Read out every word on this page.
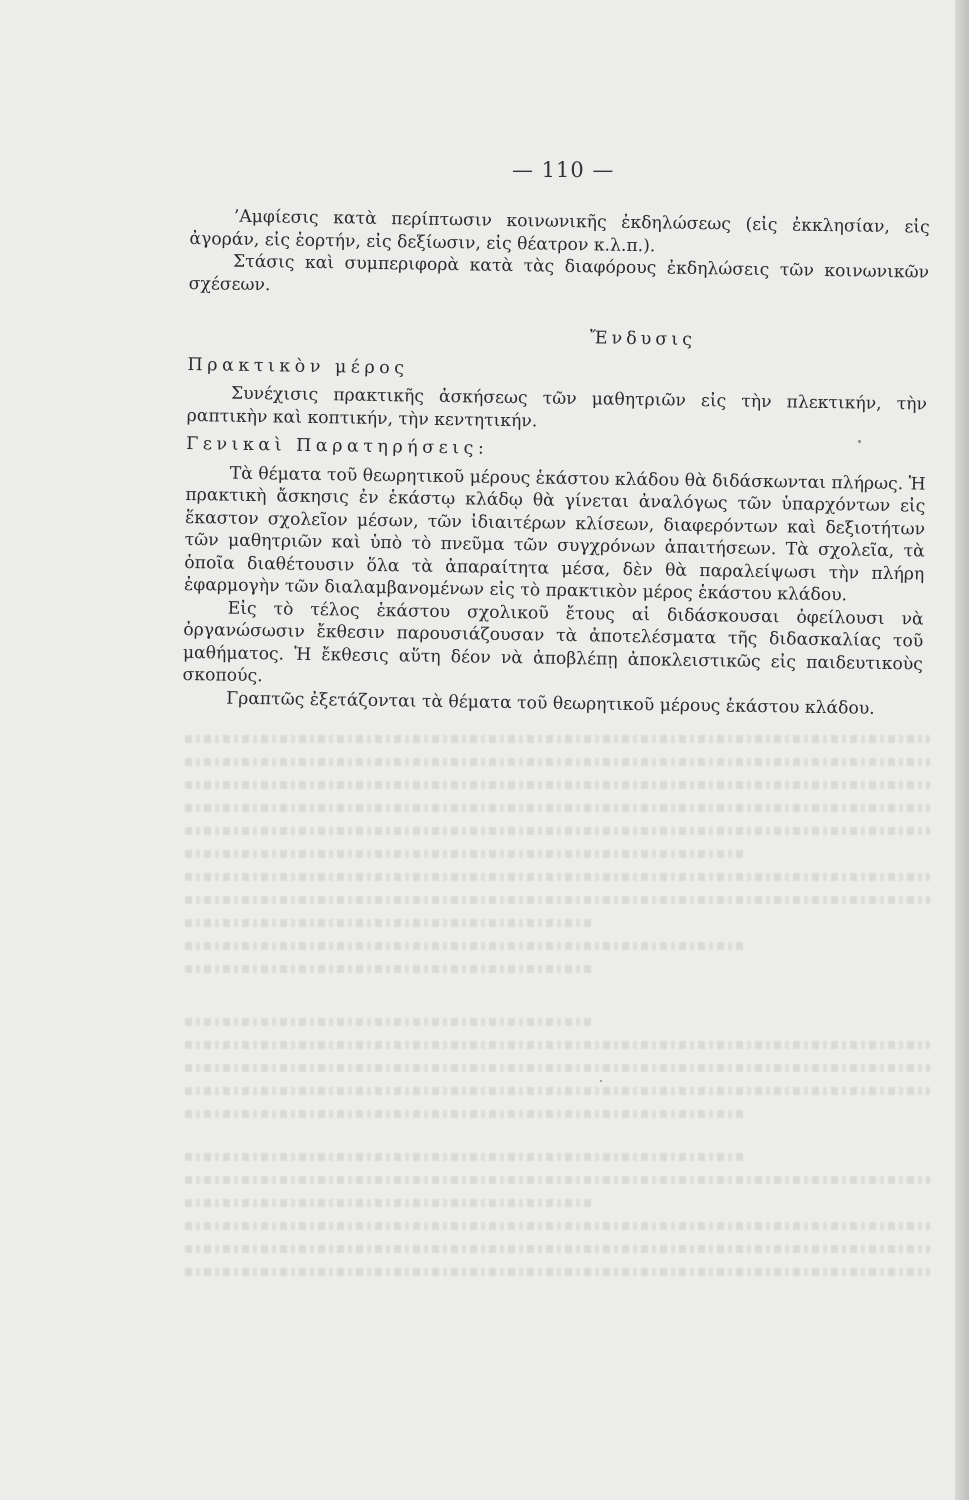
— 110 —

’Αμφίεσις κατὰ περίπτωσιν κοινωνικῆς ἐκδηλώσεως (εἰς ἐκκλησίαν, εἰς ἀγοράν, εἰς ἑορτήν, εἰς δεξίωσιν, εἰς θέατρον κ.λ.π.).

Στάσις καὶ συμπεριφορὰ κατὰ τὰς διαφόρους ἐκδηλώσεις τῶν κοινωνικῶν σχέσεων.

Ἔνδυσις
Πρακτικὸν μέρος

Συνέχισις πρακτικῆς ἀσκήσεως τῶν μαθητριῶν εἰς τὴν πλεκτικήν, τὴν ραπτικὴν καὶ κοπτικήν, τὴν κεντητικήν.

Γενικαὶ Παρατηρήσεις:

Τὰ θέματα τοῦ θεωρητικοῦ μέρους ἑκάστου κλάδου θὰ διδάσκωνται πλήρως. Ἡ πρακτικὴ ἄσκησις ἐν ἑκάστῳ κλάδῳ θὰ γίνεται ἀναλόγως τῶν ὑπαρχόντων εἰς ἕκαστον σχολεῖον μέσων, τῶν ἰδιαιτέρων κλίσεων, διαφερόντων καὶ δεξιοτήτων τῶν μαθητριῶν καὶ ὑπὸ τὸ πνεῦμα τῶν συγχρόνων ἀπαιτήσεων. Τὰ σχολεῖα, τὰ ὁποῖα διαθέτουσιν ὅλα τὰ ἀπαραίτητα μέσα, δὲν θὰ παραλείψωσι τὴν πλήρη ἐφαρμογὴν τῶν διαλαμβανομένων εἰς τὸ πρακτικὸν μέρος ἑκάστου κλάδου.

Εἰς τὸ τέλος ἑκάστου σχολικοῦ ἔτους αἱ διδάσκουσαι ὀφείλουσι νὰ ὀργανώσωσιν ἔκθεσιν παρουσιάζουσαν τὰ ἀποτελέσματα τῆς διδασκαλίας τοῦ μαθήματος. Ἡ ἔκθεσις αὕτη δέον νὰ ἀποβλέπῃ ἀποκλειστικῶς εἰς παιδευτικοὺς σκοπούς.

Γραπτῶς ἐξετάζονται τὰ θέματα τοῦ θεωρητικοῦ μέρους ἑκάστου κλάδου.
